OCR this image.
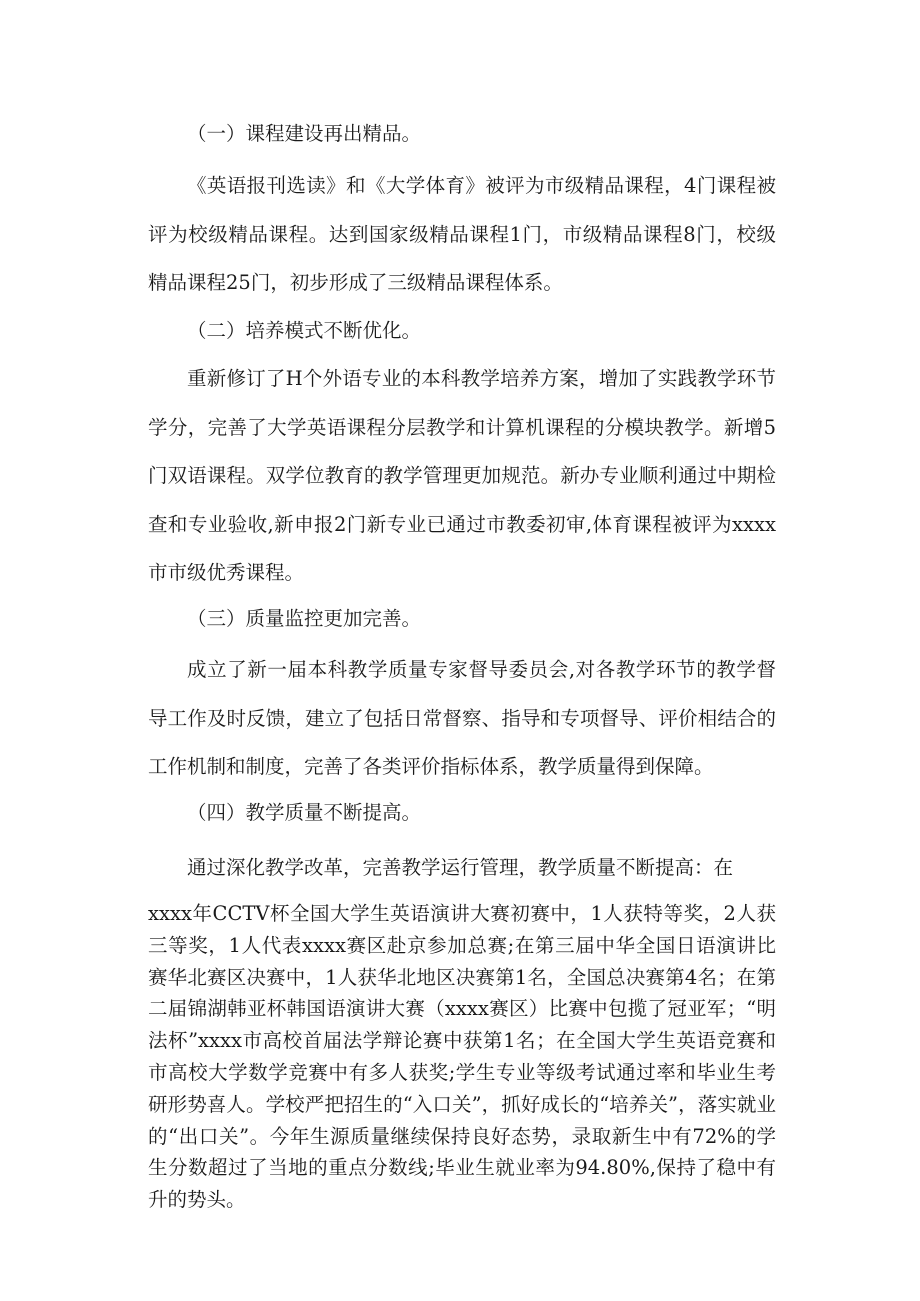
（一）课程建设再出精品。
《英语报刊选读》和《大学体育》被评为市级精品课程，4门课程被评为校级精品课程。达到国家级精品课程1门，市级精品课程8门，校级精品课程25门，初步形成了三级精品课程体系。
（二）培养模式不断优化。
重新修订了H个外语专业的本科教学培养方案，增加了实践教学环节学分，完善了大学英语课程分层教学和计算机课程的分模块教学。新增5门双语课程。双学位教育的教学管理更加规范。新办专业顺利通过中期检查和专业验收,新申报2门新专业已通过市教委初审,体育课程被评为xxxx市市级优秀课程。
（三）质量监控更加完善。
成立了新一届本科教学质量专家督导委员会,对各教学环节的教学督导工作及时反馈，建立了包括日常督察、指导和专项督导、评价相结合的工作机制和制度，完善了各类评价指标体系，教学质量得到保障。
（四）教学质量不断提高。
通过深化教学改革，完善教学运行管理，教学质量不断提高：在
xxxx年CCTV杯全国大学生英语演讲大赛初赛中，1人获特等奖，2人获三等奖，1人代表xxxx赛区赴京参加总赛;在第三届中华全国日语演讲比赛华北赛区决赛中，1人获华北地区决赛第1名，全国总决赛第4名；在第二届锦湖韩亚杯韩国语演讲大赛（xxxx赛区）比赛中包揽了冠亚军；“明法杯”xxxx市高校首届法学辩论赛中获第1名；在全国大学生英语竞赛和市高校大学数学竞赛中有多人获奖;学生专业等级考试通过率和毕业生考研形势喜人。学校严把招生的“入口关”，抓好成长的“培养关”，落实就业的“出口关”。今年生源质量继续保持良好态势，录取新生中有72%的学生分数超过了当地的重点分数线;毕业生就业率为94.80%,保持了稳中有升的势头。
